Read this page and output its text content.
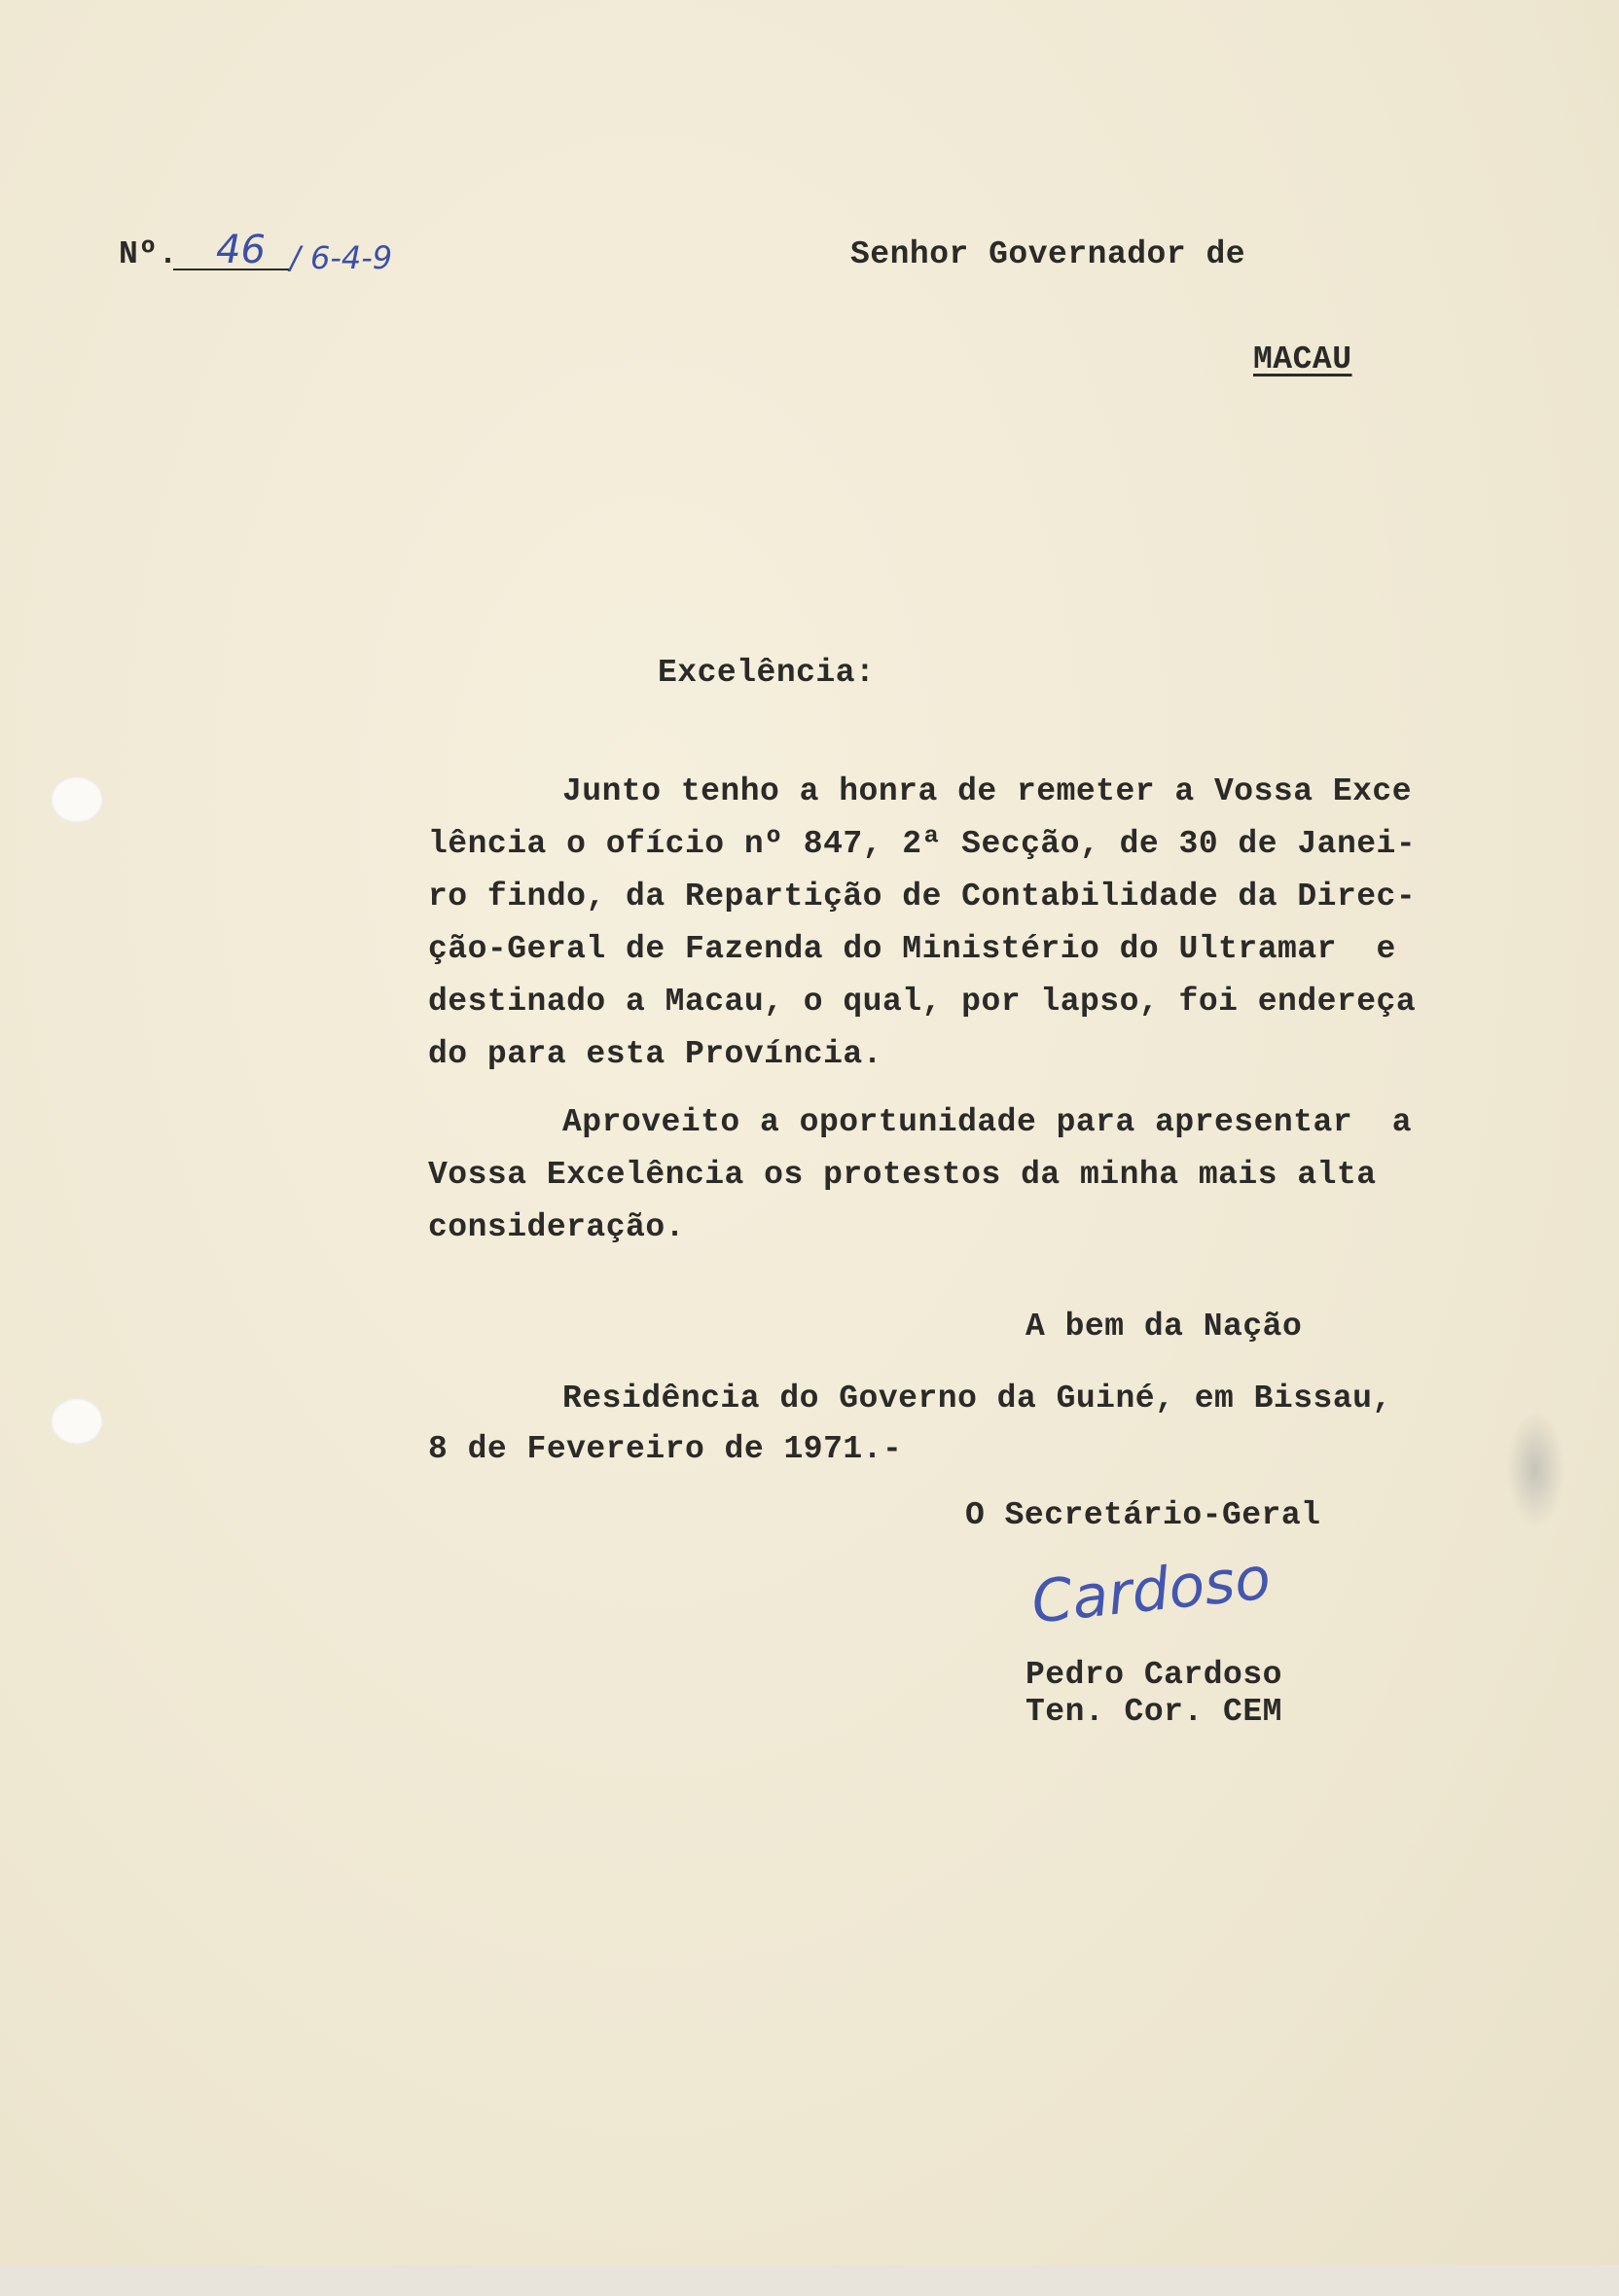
Nº. 46 / 6-4-9	Senhor Governador de
MACAU
Excelência:
Junto tenho a honra de remeter a Vossa Exce
lência o ofício nº 847, 2ª Secção, de 30 de Janei-
ro findo, da Repartição de Contabilidade da Direc-
ção-Geral de Fazenda do Ministério do Ultramar  e
destinado a Macau, o qual, por lapso, foi endereça
do para esta Província.
Aproveito a oportunidade para apresentar  a
Vossa Excelência os protestos da minha mais alta
consideração.
A bem da Nação
Residência do Governo da Guiné, em Bissau,
8 de Fevereiro de 1971.-
O Secretário-Geral
Cardoso
Pedro Cardoso
Ten. Cor. CEM
